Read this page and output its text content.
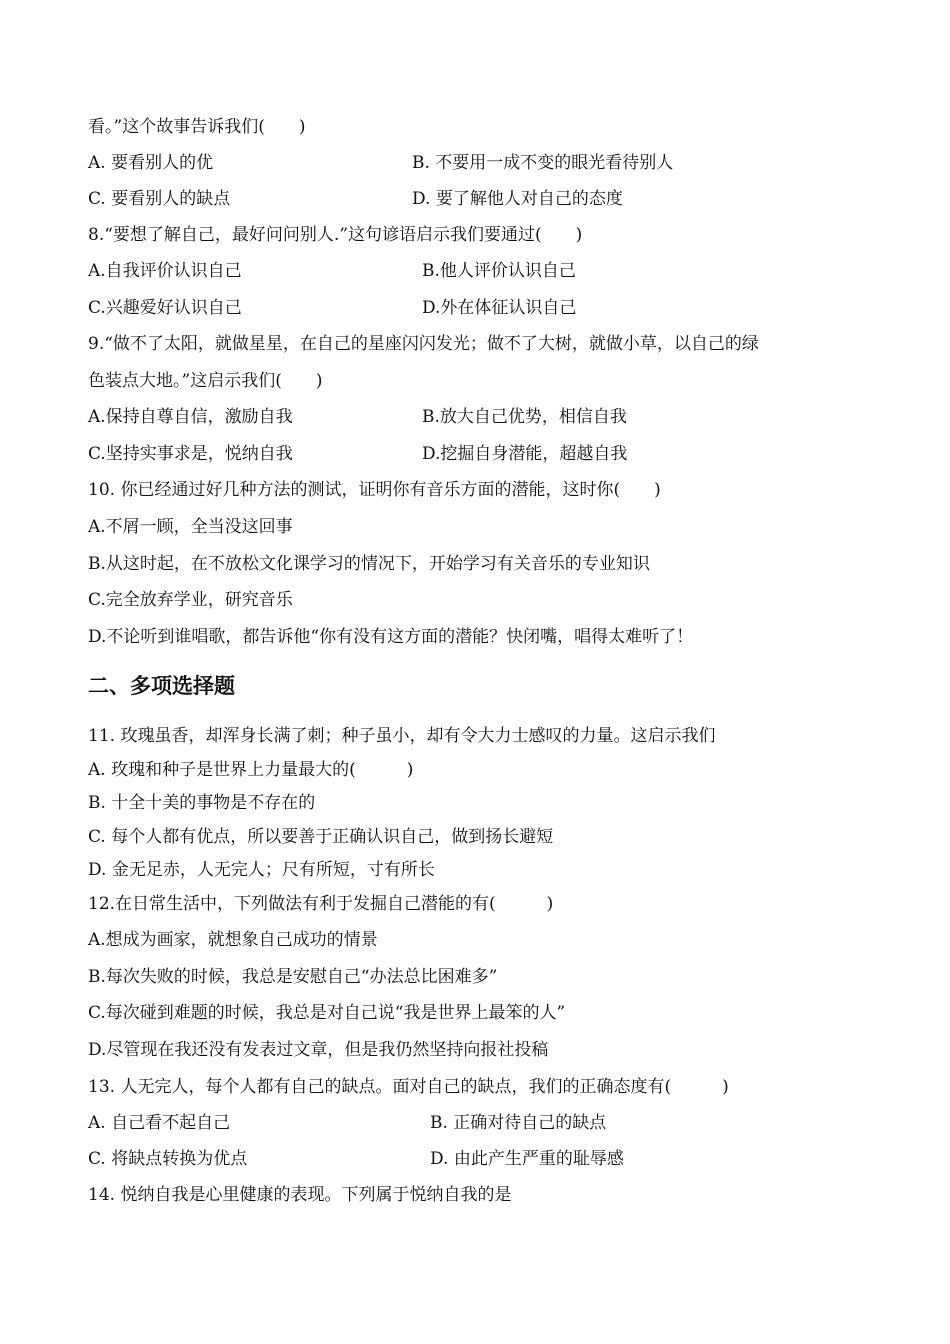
看。”这个故事告诉我们(　　)
A. 要看别人的优	B. 不要用一成不变的眼光看待别人
C. 要看别人的缺点	D. 要了解他人对自己的态度
8.“要想了解自己，最好问问别人.”这句谚语启示我们要通过(　　)
A.自我评价认识自己	B.他人评价认识自己
C.兴趣爱好认识自己	D.外在体征认识自己
9.“做不了太阳，就做星星，在自己的星座闪闪发光；做不了大树，就做小草，以自己的绿
色装点大地。”这启示我们(　　)
A.保持自尊自信，激励自我	B.放大自己优势，相信自我
C.坚持实事求是，悦纳自我	D.挖掘自身潜能，超越自我
10. 你已经通过好几种方法的测试，证明你有音乐方面的潜能，这时你(　　)
A.不屑一顾，全当没这回事
B.从这时起，在不放松文化课学习的情况下，开始学习有关音乐的专业知识
C.完全放弃学业，研究音乐
D.不论听到谁唱歌，都告诉他“你有没有这方面的潜能？快闭嘴，唱得太难听了！
二、多项选择题
11. 玫瑰虽香，却浑身长满了刺；种子虽小，却有令大力士感叹的力量。这启示我们
A. 玫瑰和种子是世界上力量最大的(　　　)
B. 十全十美的事物是不存在的
C. 每个人都有优点，所以要善于正确认识自己，做到扬长避短
D. 金无足赤，人无完人；尺有所短，寸有所长
12.在日常生活中，下列做法有利于发掘自己潜能的有(　　　)
A.想成为画家，就想象自己成功的情景
B.每次失败的时候，我总是安慰自己“办法总比困难多”
C.每次碰到难题的时候，我总是对自己说“我是世界上最笨的人”
D.尽管现在我还没有发表过文章，但是我仍然坚持向报社投稿
13. 人无完人，每个人都有自己的缺点。面对自己的缺点，我们的正确态度有(　　　)
A. 自己看不起自己	B. 正确对待自己的缺点
C. 将缺点转换为优点	D. 由此产生严重的耻辱感
14. 悦纳自我是心里健康的表现。下列属于悦纳自我的是
